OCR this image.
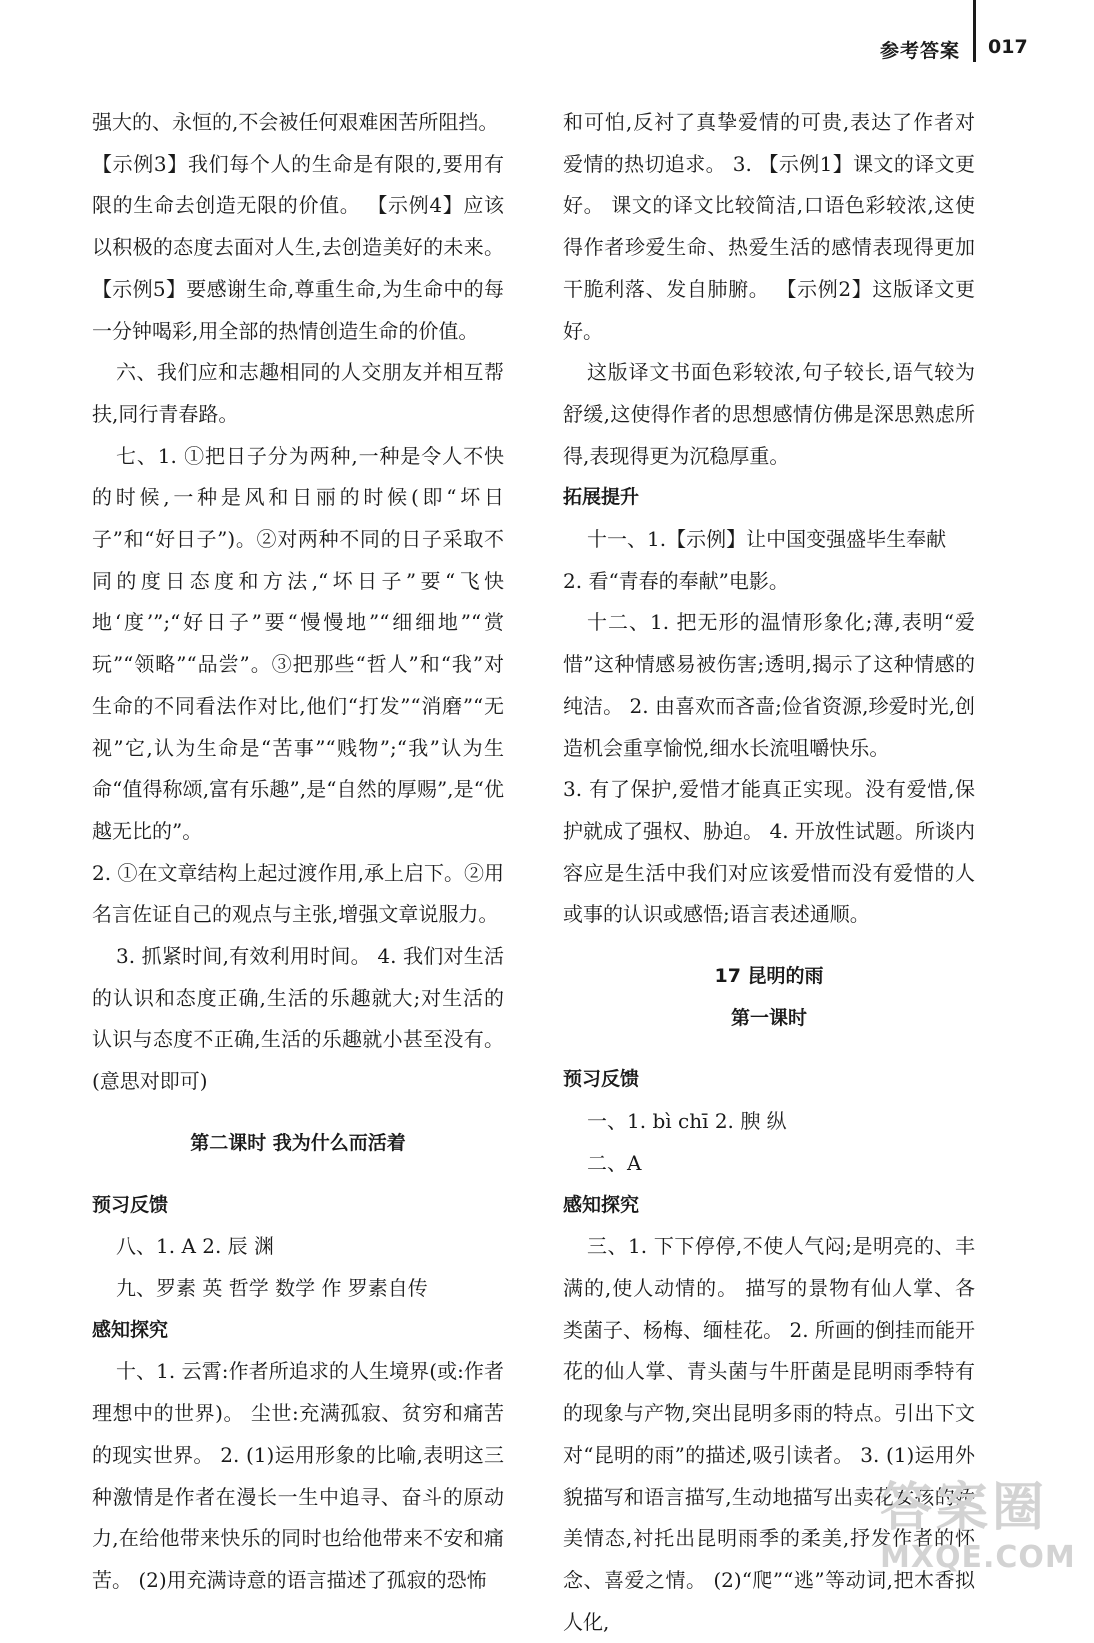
参考答案 017

强大的、永恒的,不会被任何艰难困苦所阻挡。
【示例3】我们每个人的生命是有限的,要用有限的生命去创造无限的价值。 【示例4】应该以积极的态度去面对人生,去创造美好的未来。 【示例5】要感谢生命,尊重生命,为生命中的每一分钟喝彩,用全部的热情创造生命的价值。

六、我们应和志趣相同的人交朋友并相互帮扶,同行青春路。

七、1. ①把日子分为两种,一种是令人不快的时候,一种是风和日丽的时候(即“坏日子”和“好日子”)。②对两种不同的日子采取不同的度日态度和方法,“坏日子”要“飞快地‘度’”;“好日子”要“慢慢地”“细细地”“赏玩”“领略”“品尝”。③把那些“哲人”和“我”对生命的不同看法作对比,他们“打发”“消磨”“无视”它,认为生命是“苦事”“贱物”;“我”认为生命“值得称颂,富有乐趣”,是“自然的厚赐”,是“优越无比的”。

2. ①在文章结构上起过渡作用,承上启下。②用名言佐证自己的观点与主张,增强文章说服力。

3. 抓紧时间,有效利用时间。 4. 我们对生活的认识和态度正确,生活的乐趣就大;对生活的认识与态度不正确,生活的乐趣就小甚至没有。(意思对即可)

第二课时 我为什么而活着
预习反馈

八、1. A 2. 辰 渊

九、罗素 英 哲学 数学 作 罗素自传

感知探究

十、1. 云霄:作者所追求的人生境界(或:作者理想中的世界)。 尘世:充满孤寂、贫穷和痛苦的现实世界。 2. (1)运用形象的比喻,表明这三种激情是作者在漫长一生中追寻、奋斗的原动力,在给他带来快乐的同时也给他带来不安和痛苦。 (2)用充满诗意的语言描述了孤寂的恐怖

和可怕,反衬了真挚爱情的可贵,表达了作者对爱情的热切追求。 3. 【示例1】课文的译文更好。 课文的译文比较简洁,口语色彩较浓,这使得作者珍爱生命、热爱生活的感情表现得更加干脆利落、发自肺腑。 【示例2】这版译文更好。

这版译文书面色彩较浓,句子较长,语气较为舒缓,这使得作者的思想感情仿佛是深思熟虑所得,表现得更为沉稳厚重。

拓展提升

十一、1.【示例】让中国变强盛毕生奉献

2. 看“青春的奉献”电影。

十二、1. 把无形的温情形象化;薄,表明“爱惜”这种情感易被伤害;透明,揭示了这种情感的纯洁。 2. 由喜欢而吝啬;俭省资源,珍爱时光,创造机会重享愉悦,细水长流咀嚼快乐。

3. 有了保护,爱惜才能真正实现。没有爱惜,保护就成了强权、胁迫。 4. 开放性试题。所谈内容应是生活中我们对应该爱惜而没有爱惜的人或事的认识或感悟;语言表述通顺。

17 昆明的雨
第一课时
预习反馈

一、1. bì chī 2. 腴 纵

二、A

感知探究

三、1. 下下停停,不使人气闷;是明亮的、丰满的,使人动情的。 描写的景物有仙人掌、各类菌子、杨梅、缅桂花。 2. 所画的倒挂而能开花的仙人掌、青头菌与牛肝菌是昆明雨季特有的现象与产物,突出昆明多雨的特点。引出下文对“昆明的雨”的描述,吸引读者。 3. (1)运用外貌描写和语言描写,生动地描写出卖花女孩的娇美情态,衬托出昆明雨季的柔美,抒发作者的怀念、喜爱之情。 (2)“爬”“逃”等动词,把木香拟人化,

答案圈
MXQE.COM
